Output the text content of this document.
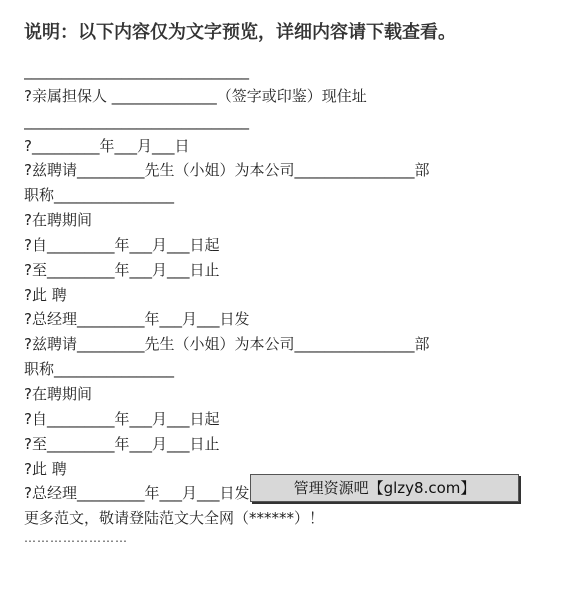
说明：以下内容仅为文字预览，详细内容请下载查看。
______________________________
?亲属担保人 ______________（签字或印鉴）现住址
______________________________
?_________年___月___日
?兹聘请_________先生（小姐）为本公司________________部
职称________________
?在聘期间
?自_________年___月___日起
?至_________年___月___日止
?此 聘
?总经理_________年___月___日发
?兹聘请_________先生（小姐）为本公司________________部
职称________________
?在聘期间
?自_________年___月___日起
?至_________年___月___日止
?此 聘
?总经理_________年___月___日发
更多范文，敬请登陆范文大全网（******）！
……………………
管理资源吧【glzy8.com】
